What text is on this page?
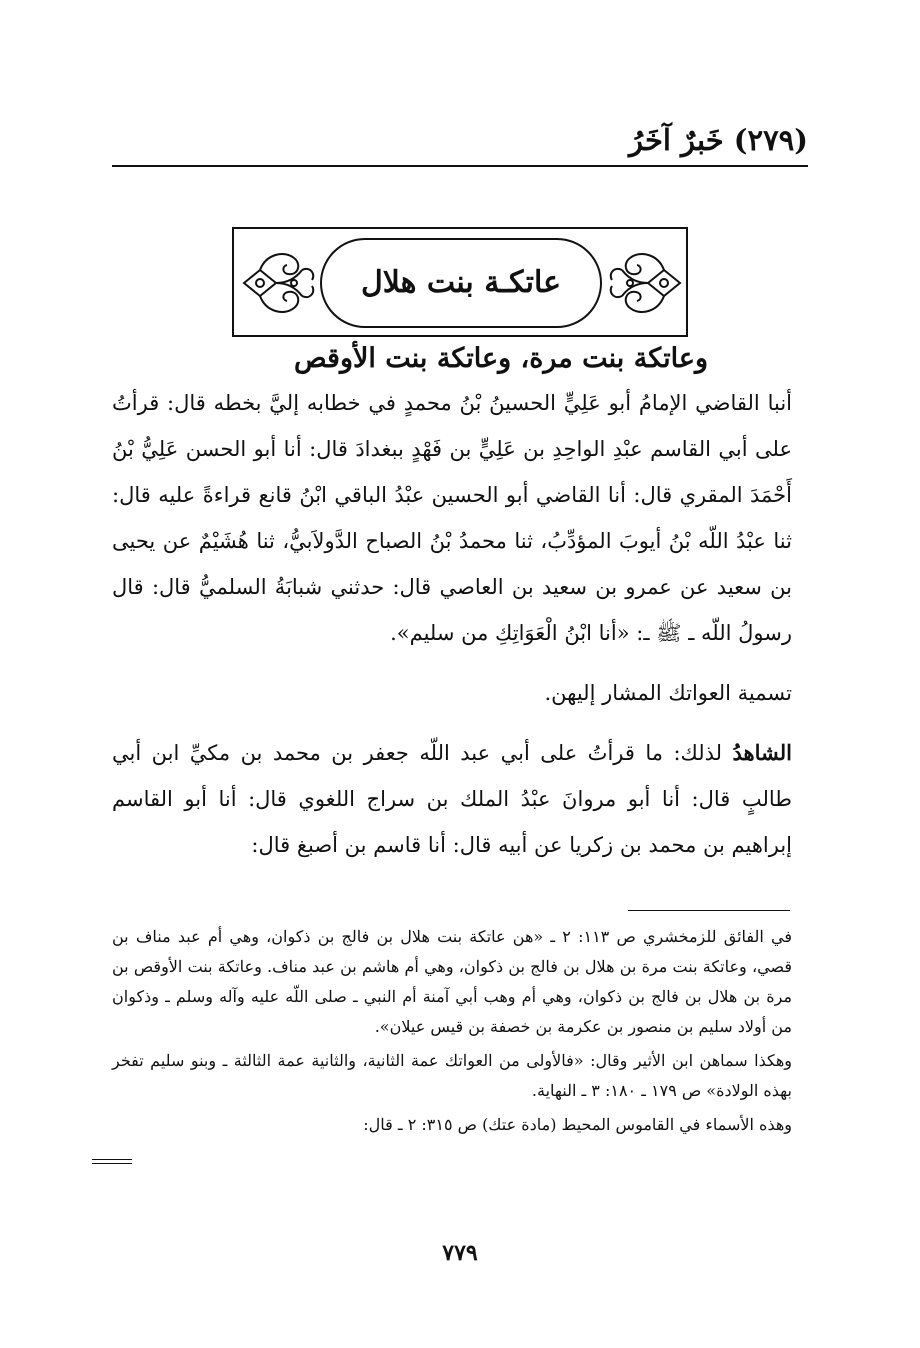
(٢٧٩) خَبرٌ آخَرُ
عاتكـة بنت هلال
وعاتكة بنت مرة، وعاتكة بنت الأوقص

أنبا القاضي الإمامُ أبو عَلِيٍّ الحسينُ بْنُ محمدٍ في خطابه إليَّ بخطه قال: قرأتُ على أبي القاسم عبْدِ الواحِدِ بن عَلِيٍّ بن فَهْدٍ ببغدادَ قال: أنا أبو الحسن عَلِيُّ بْنُ أَحْمَدَ المقري قال: أنا القاضي أبو الحسين عبْدُ الباقي ابْنُ قانع قراءةً عليه قال: ثنا عبْدُ اللّه بْنُ أيوبَ المؤدِّبُ، ثنا محمدُ بْنُ الصباح الدَّولاَبيُّ، ثنا هُشَيْمٌ عن يحيى بن سعيد عن عمرو بن سعيد بن العاصي قال: حدثني شبابَةُ السلميُّ قال: قال رسولُ اللّه ـ ﷺ ـ: «أنا ابْنُ الْعَوَاتِكِ من سليم».

تسمية العواتك المشار إليهن.

الشاهدُ لذلك: ما قرأتُ على أبي عبد اللّه جعفر بن محمد بن مكيِّ ابن أبي طالبٍ قال: أنا أبو مروانَ عبْدُ الملك بن سراج اللغوي قال: أنا أبو القاسم إبراهيم بن محمد بن زكريا عن أبيه قال: أنا قاسم بن أصبغ قال:

في الفائق للزمخشري ص ١١٣: ٢ ـ «هن عاتكة بنت هلال بن فالج بن ذكوان، وهي أم عبد مناف بن قصي، وعاتكة بنت مرة بن هلال بن فالج بن ذكوان، وهي أم هاشم بن عبد مناف. وعاتكة بنت الأوقص بن مرة بن هلال بن فالج بن ذكوان، وهي أم وهب أبي آمنة أم النبي ـ صلى اللّه عليه وآله وسلم ـ وذكوان من أولاد سليم بن منصور بن عكرمة بن خصفة بن قيس عيلان».

وهكذا سماهن ابن الأثير وقال: «فالأولى من العواتك عمة الثانية، والثانية عمة الثالثة ـ وبنو سليم تفخر بهذه الولادة» ص ١٧٩ ـ ١٨٠: ٣ ـ النهاية.

وهذه الأسماء في القاموس المحيط (مادة عتك) ص ٣١٥: ٢ ـ قال:

٧٧٩
